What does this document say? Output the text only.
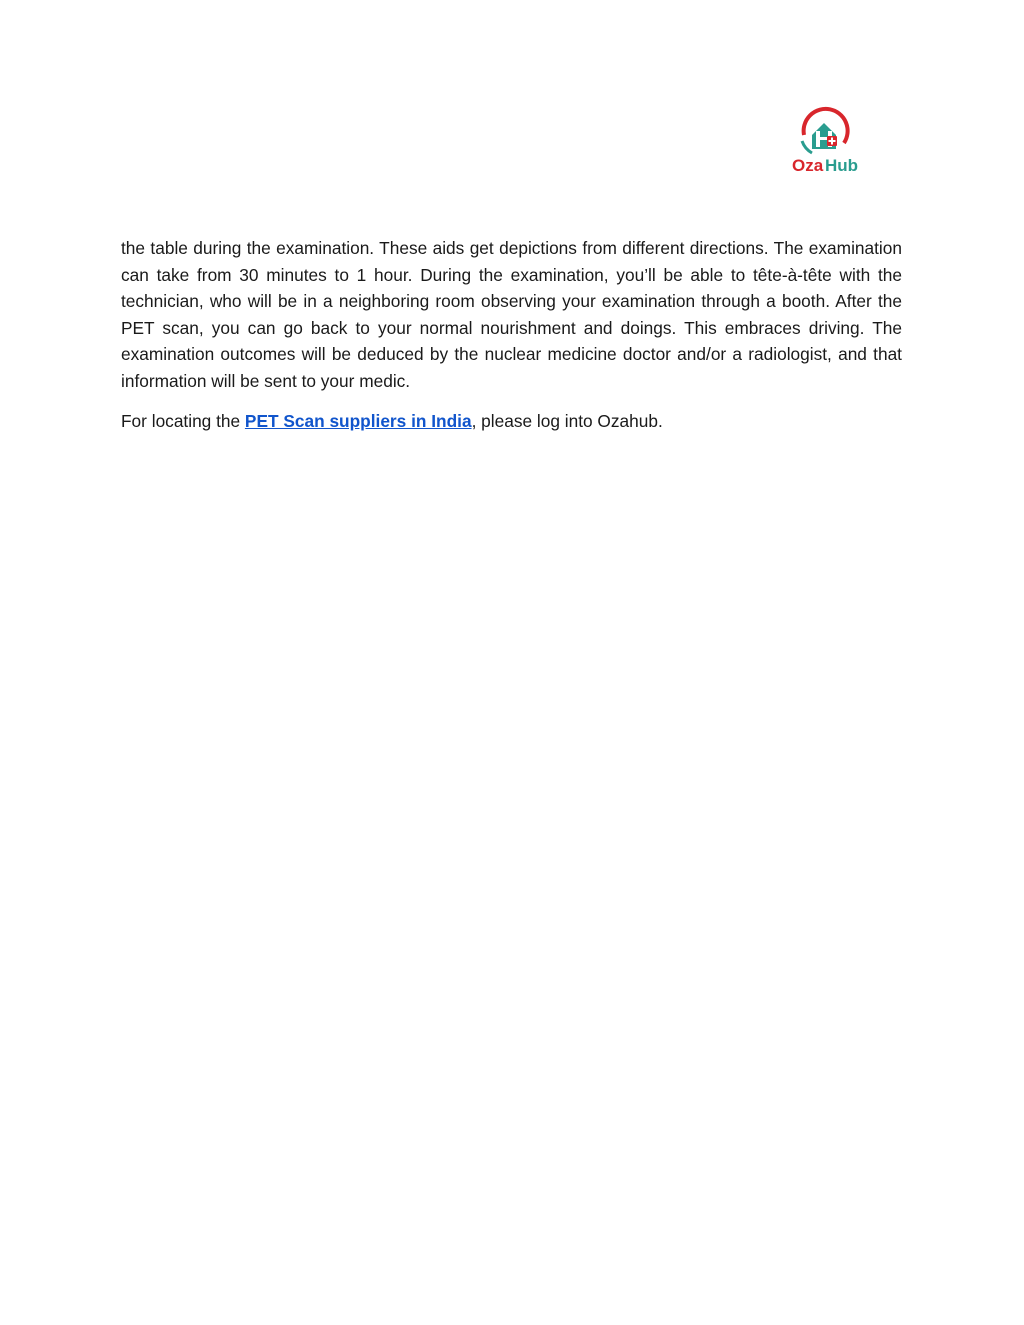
Oza Hub

the table during the examination. These aids get depictions from different directions. The examination can take from 30 minutes to 1 hour. During the examination, you’ll be able to tête-à-tête with the technician, who will be in a neighboring room observing your examination through a booth. After the PET scan, you can go back to your normal nourishment and doings. This embraces driving. The examination outcomes will be deduced by the nuclear medicine doctor and/or a radiologist, and that information will be sent to your medic.

For locating the PET Scan suppliers in India, please log into Ozahub.
